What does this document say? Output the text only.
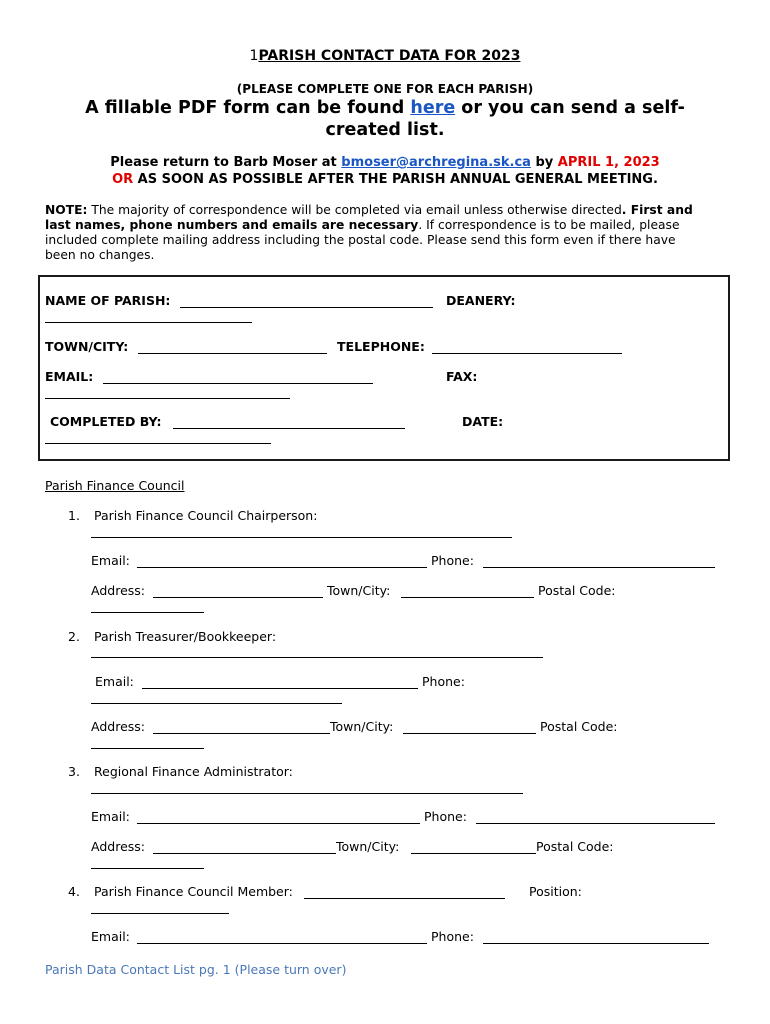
1PARISH CONTACT DATA FOR 2023
(PLEASE COMPLETE ONE FOR EACH PARISH)
A fillable PDF form can be found here or you can send a self-
created list.
Please return to Barb Moser at bmoser@archregina.sk.ca by APRIL 1, 2023
OR AS SOON AS POSSIBLE AFTER THE PARISH ANNUAL GENERAL MEETING.
NOTE: The majority of correspondence will be completed via email unless otherwise directed. First and
last names, phone numbers and emails are necessary. If correspondence is to be mailed, please
included complete mailing address including the postal code. Please send this form even if there have
been no changes.
NAME OF PARISH:	DEANERY:
TOWN/CITY:	TELEPHONE:
EMAIL:	FAX:
COMPLETED BY:	DATE:
Parish Finance Council
1. Parish Finance Council Chairperson:
Email:	Phone:
Address:	Town/City:	Postal Code:
2. Parish Treasurer/Bookkeeper:
Email:	Phone:
Address:	Town/City:	Postal Code:
3. Regional Finance Administrator:
Email:	Phone:
Address:	Town/City:	Postal Code:
4. Parish Finance Council Member:	Position:
Email:	Phone:
Parish Data Contact List pg. 1 (Please turn over)
